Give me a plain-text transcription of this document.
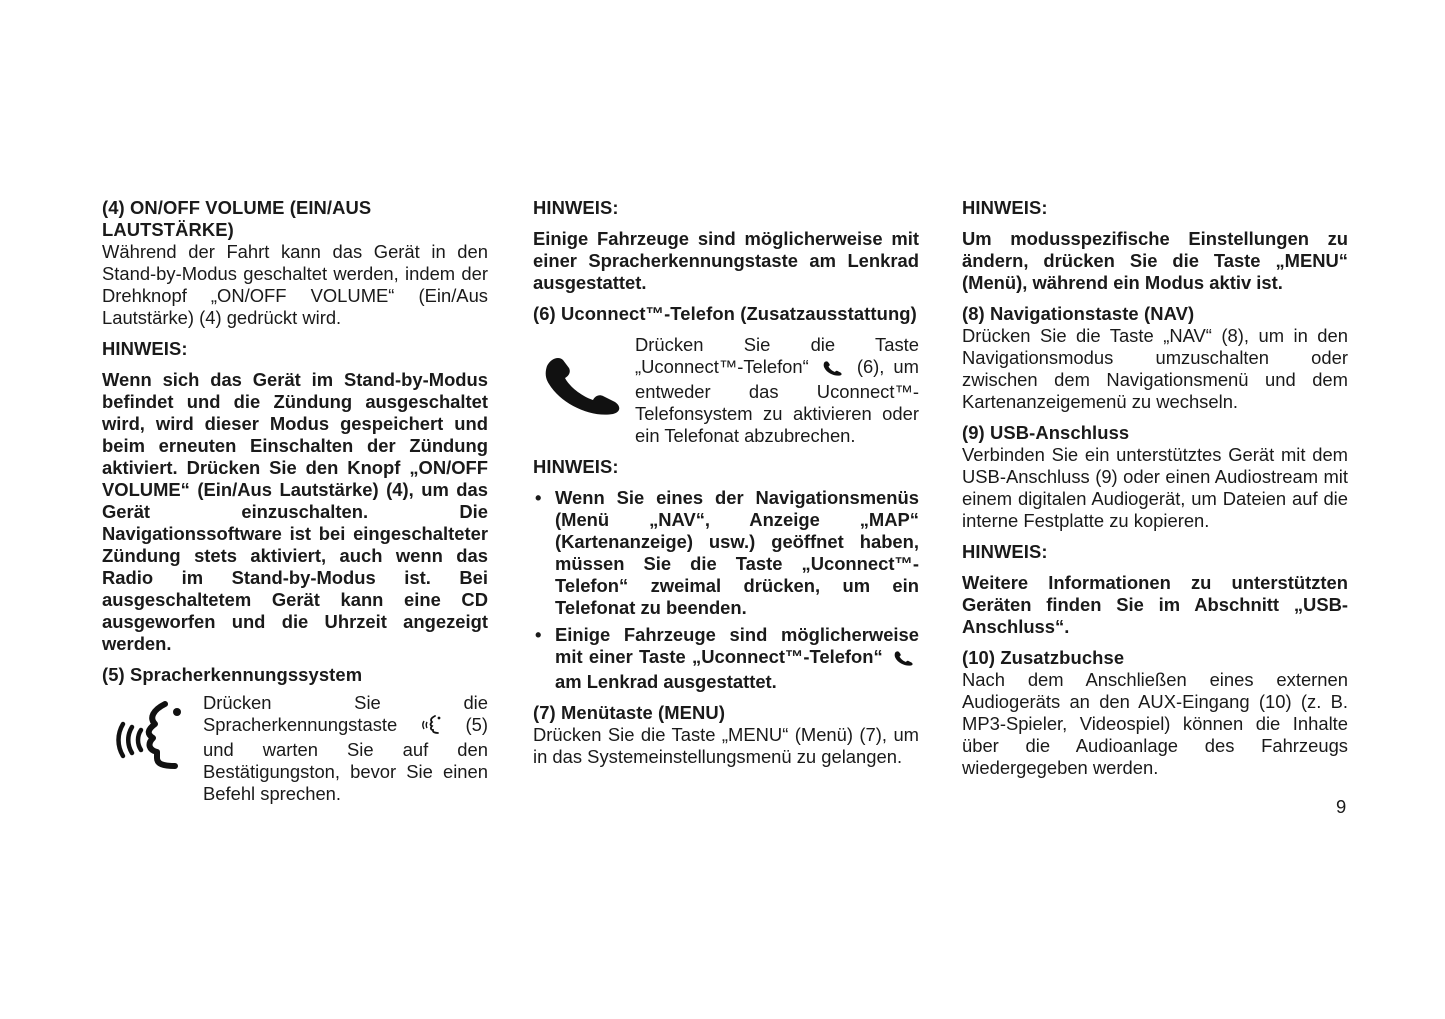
(4) ON/OFF VOLUME (EIN/AUS

LAUTSTÄRKE)

Während der Fahrt kann das Gerät in den Stand-by-Modus geschaltet werden, indem der Drehknopf „ON/OFF VOLUME“ (Ein/Aus Lautstärke) (4) gedrückt wird.

HINWEIS:

Wenn sich das Gerät im Stand-by-Modus befindet und die Zündung ausgeschaltet wird, wird dieser Modus gespeichert und beim erneuten Einschalten der Zündung aktiviert. Drücken Sie den Knopf „ON/OFF VOLUME“ (Ein/Aus Lautstärke) (4), um das Gerät einzuschalten. Die Navigationssoftware ist bei eingeschalteter Zündung stets aktiviert, auch wenn das Radio im Stand-by-Modus ist. Bei ausgeschaltetem Gerät kann eine CD ausgeworfen und die Uhrzeit angezeigt werden.

(5) Spracherkennungssystem

Drücken Sie die Spracherkennungstaste	(5) und warten Sie auf den Bestätigungston, bevor Sie einen Befehl sprechen.

HINWEIS:

Einige Fahrzeuge sind möglicherweise mit einer Spracherkennungstaste am Lenkrad ausgestattet.

(6) Uconnect™-Telefon (Zusatzausstattung)

Drücken Sie die Taste „Uconnect™-Telefon“	(6), um entweder das Uconnect™-Telefonsystem zu aktivieren oder ein Telefonat abzubrechen.

HINWEIS:

• Wenn Sie eines der Navigationsmenüs (Menü „NAV“, Anzeige „MAP“ (Kartenanzeige) usw.) geöffnet haben, müssen Sie die Taste „Uconnect™-Telefon“ zweimal drücken, um ein Telefonat zu beenden.
• Einige Fahrzeuge sind möglicherweise mit einer Taste „Uconnect™-Telefon“  am Lenkrad ausgestattet.

(7) Menütaste (MENU)

Drücken Sie die Taste „MENU“ (Menü) (7), um in das Systemeinstellungsmenü zu gelangen.

HINWEIS:

Um modusspezifische Einstellungen zu ändern, drücken Sie die Taste „MENU“ (Menü), während ein Modus aktiv ist.

(8) Navigationstaste (NAV)

Drücken Sie die Taste „NAV“ (8), um in den Navigationsmodus umzuschalten oder zwischen dem Navigationsmenü und dem Kartenanzeigemenü zu wechseln.

(9) USB-Anschluss

Verbinden Sie ein unterstütztes Gerät mit dem USB-Anschluss (9) oder einen Audiostream mit einem digitalen Audiogerät, um Dateien auf die interne Festplatte zu kopieren.

HINWEIS:

Weitere Informationen zu unterstützten Geräten finden Sie im Abschnitt „USB-Anschluss“.

(10) Zusatzbuchse

Nach dem Anschließen eines externen Audiogeräts an den AUX-Eingang (10) (z. B. MP3-Spieler, Videospiel) können die Inhalte über die Audioanlage des Fahrzeugs wiedergegeben werden.

9
